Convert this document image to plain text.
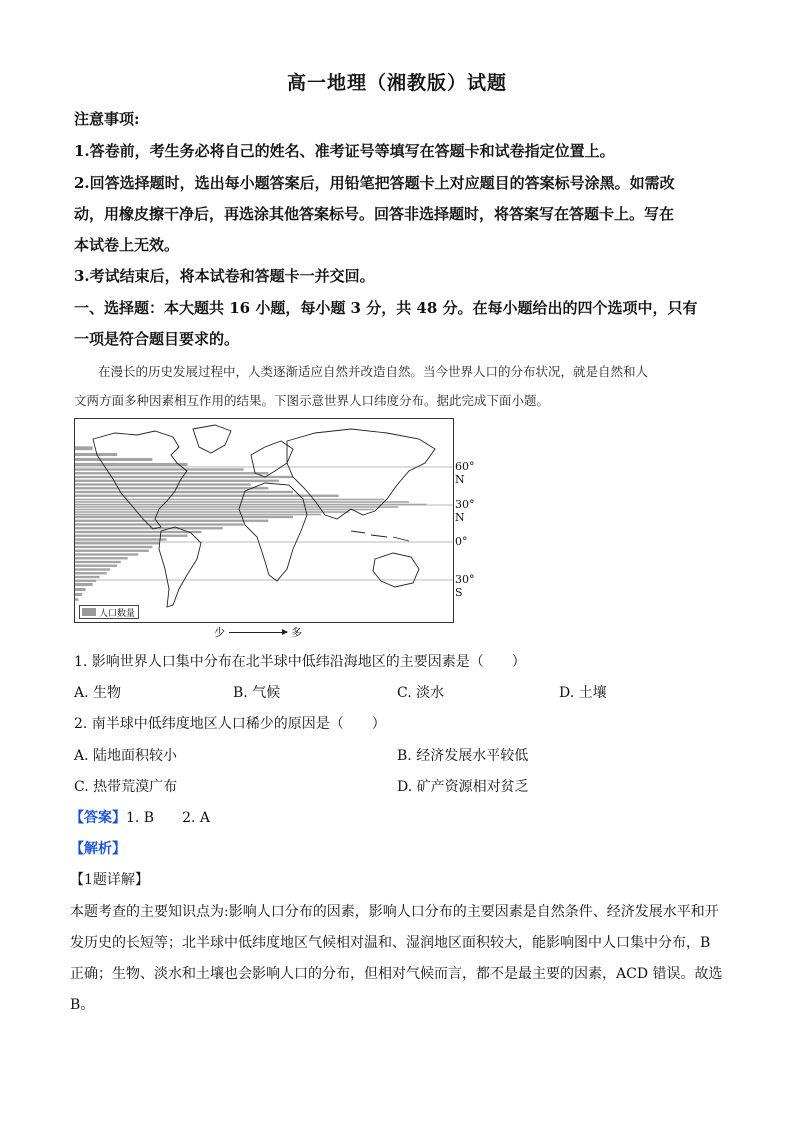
高一地理（湘教版）试题
注意事项:
1.答卷前，考生务必将自己的姓名、准考证号等填写在答题卡和试卷指定位置上。
2.回答选择题时，选出每小题答案后，用铅笔把答题卡上对应题目的答案标号涂黑。如需改
动，用橡皮擦干净后，再选涂其他答案标号。回答非选择题时，将答案写在答题卡上。写在
本试卷上无效。
3.考试结束后，将本试卷和答题卡一并交回。
一、选择题：本大题共 16 小题，每小题 3 分，共 48 分。在每小题给出的四个选项中，只有
一项是符合题目要求的。
在漫长的历史发展过程中，人类逐渐适应自然并改造自然。当今世界人口的分布状况，就是自然和人
文两方面多种因素相互作用的结果。下图示意世界人口纬度分布。据此完成下面小题。
60° N
30° N
0°
30° S
人口数量
少	多
1. 影响世界人口集中分布在北半球中低纬沿海地区的主要因素是（　　）
A. 生物	B. 气候	C. 淡水	D. 土壤
2. 南半球中低纬度地区人口稀少的原因是（　　）
A. 陆地面积较小	B. 经济发展水平较低
C. 热带荒漠广布	D. 矿产资源相对贫乏
【答案】1. B　　2. A
【解析】
【1题详解】
本题考查的主要知识点为:影响人口分布的因素，影响人口分布的主要因素是自然条件、经济发展水平和开
发历史的长短等；北半球中低纬度地区气候相对温和、湿润地区面积较大，能影响图中人口集中分布，B
正确；生物、淡水和土壤也会影响人口的分布，但相对气候而言，都不是最主要的因素，ACD 错误。故选
B。
